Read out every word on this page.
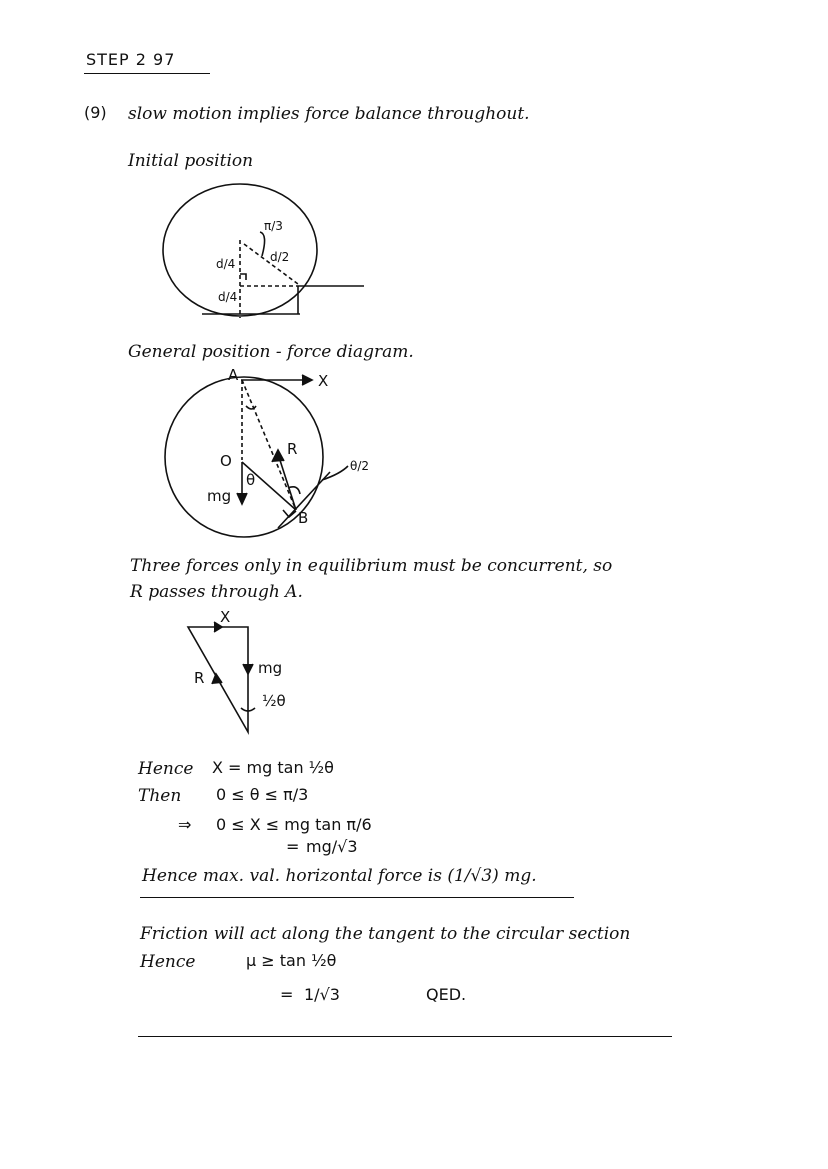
STEP 2 97
(9) slow motion implies force balance throughout.
Initial position
π/3
d/2
d/4
d/4
General position - force diagram.
A	X
O
R
mg
θ
B
θ/2
Three forces only in equilibrium must be concurrent, so
R passes through A.
X
mg
R
½θ
Hence X = mg tan ½θ
Then 0 ≤ θ ≤ π/3
⇒ 0 ≤ X ≤ mg tan π/6
= mg/√3
Hence max. val. horizontal force is (1/√3) mg.
Friction will act along the tangent to the circular section
Hence	μ ≥ tan ½θ
= 1/√3	QED.
